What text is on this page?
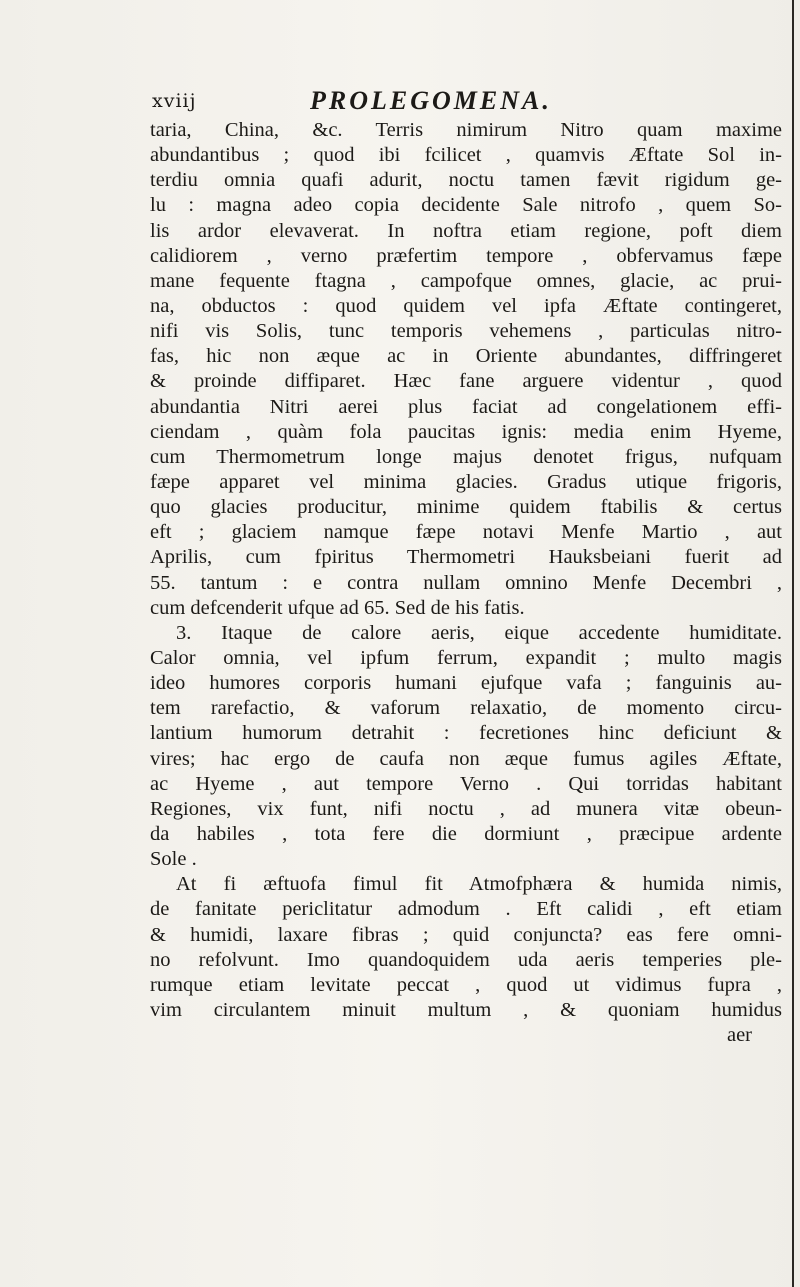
xviij	PROLEGOMENA.
taria, China, &c. Terris nimirum Nitro quam maxime
abundantibus ; quod ibi fcilicet , quamvis Æftate Sol in-
terdiu omnia quafi adurit, noctu tamen fævit rigidum ge-
lu : magna adeo copia decidente Sale nitrofo , quem So-
lis ardor elevaverat. In noftra etiam regione, poft diem
calidiorem , verno præfertim tempore , obfervamus fæpe
mane fequente ftagna , campofque omnes, glacie, ac prui-
na, obductos : quod quidem vel ipfa Æftate contingeret,
nifi vis Solis, tunc temporis vehemens , particulas nitro-
fas, hic non æque ac in Oriente abundantes, diffringeret
& proinde diffiparet. Hæc fane arguere videntur , quod
abundantia Nitri aerei plus faciat ad congelationem effi-
ciendam , quàm fola paucitas ignis: media enim Hyeme,
cum Thermometrum longe majus denotet frigus, nufquam
fæpe apparet vel minima glacies. Gradus utique frigoris,
quo glacies producitur, minime quidem ftabilis & certus
eft ; glaciem namque fæpe notavi Menfe Martio , aut
Aprilis, cum fpiritus Thermometri Hauksbeiani fuerit ad
55. tantum : e contra nullam omnino Menfe Decembri ,
cum defcenderit ufque ad 65. Sed de his fatis.
3. Itaque de calore aeris, eique accedente humiditate.
Calor omnia, vel ipfum ferrum, expandit ; multo magis
ideo humores corporis humani ejufque vafa ; fanguinis au-
tem rarefactio, & vaforum relaxatio, de momento circu-
lantium humorum detrahit : fecretiones hinc deficiunt &
vires; hac ergo de caufa non æque fumus agiles Æftate,
ac Hyeme , aut tempore Verno . Qui torridas habitant
Regiones, vix funt, nifi noctu , ad munera vitæ obeun-
da habiles , tota fere die dormiunt , præcipue ardente
Sole .
At fi æftuofa fimul fit Atmofphæra & humida nimis,
de fanitate periclitatur admodum . Eft calidi , eft etiam
& humidi, laxare fibras ; quid conjuncta? eas fere omni-
no refolvunt. Imo quandoquidem uda aeris temperies ple-
rumque etiam levitate peccat , quod ut vidimus fupra ,
vim circulantem minuit multum , & quoniam humidus
aer
